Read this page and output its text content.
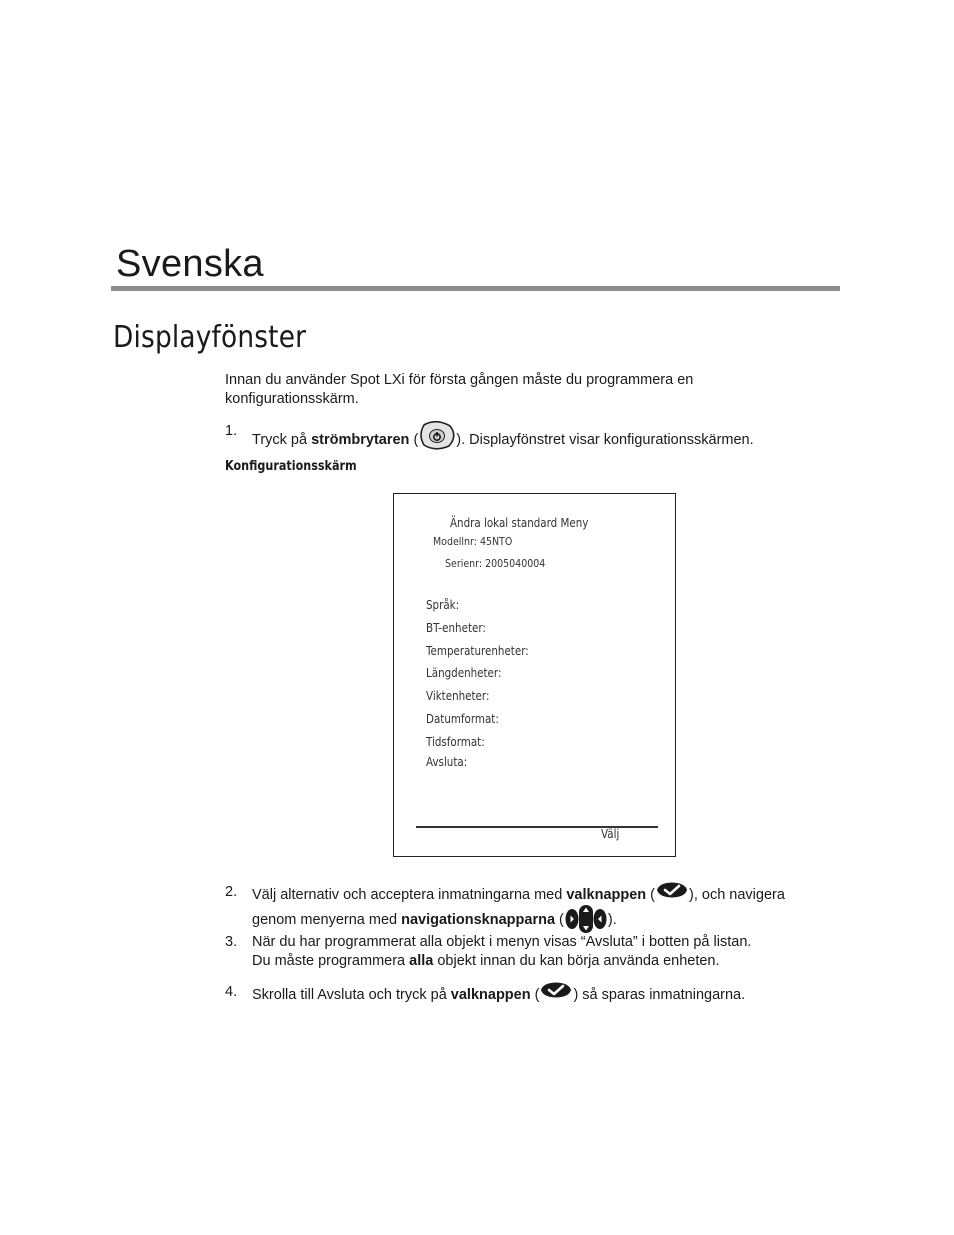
Svenska
Displayfönster
Innan du använder Spot LXi för första gången måste du programmera en konfigurationsskärm.
1.
Tryck på strömbrytaren (	). Displayfönstret visar konfigurationsskärmen.
Konfigurationsskärm
Ändra lokal standard Meny
Modellnr: 45NTO
Serienr: 2005040004
Språk:
BT-enheter:
Temperaturenheter:
Längdenheter:
Viktenheter:
Datumformat:
Tidsformat:
Avsluta:
Välj
2. Välj alternativ och acceptera inmatningarna med valknappen ( ), och navigera
genom menyerna med navigationsknapparna (	).
3. När du har programmerat alla objekt i menyn visas “Avsluta” i botten på listan.
Du måste programmera alla objekt innan du kan börja använda enheten.
4. Skrolla till Avsluta och tryck på valknappen ( ) så sparas inmatningarna.
